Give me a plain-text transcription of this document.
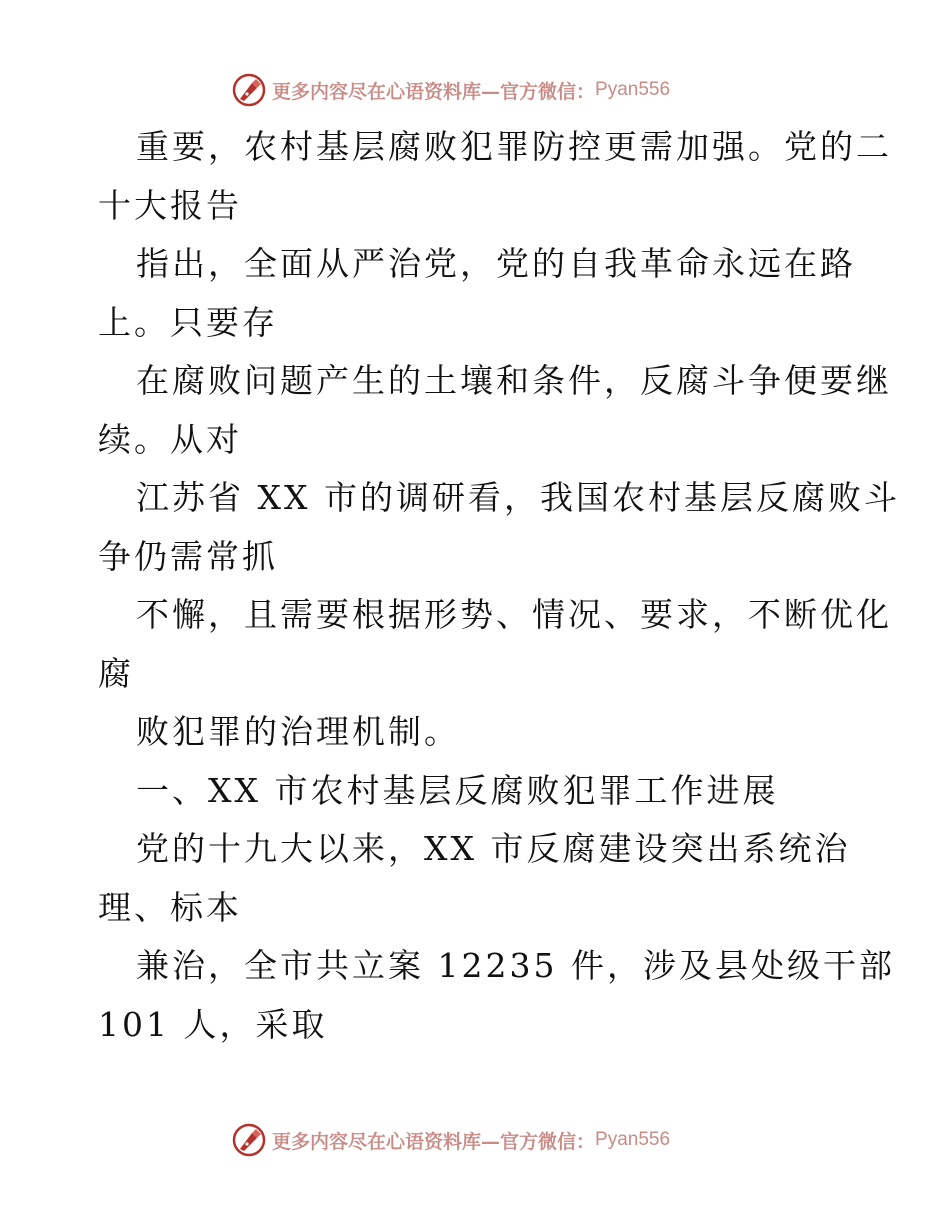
更多内容尽在心语资料库—官方微信： Pyan556
重要，农村基层腐败犯罪防控更需加强。党的二
十大报告
指出，全面从严治党，党的自我革命永远在路
上。只要存
在腐败问题产生的土壤和条件，反腐斗争便要继
续。从对
江苏省 XX 市的调研看，我国农村基层反腐败斗
争仍需常抓
不懈，且需要根据形势、情况、要求，不断优化
腐
败犯罪的治理机制。
一、XX 市农村基层反腐败犯罪工作进展
党的十九大以来，XX 市反腐建设突出系统治
理、标本
兼治，全市共立案 12235 件，涉及县处级干部
101 人，采取
更多内容尽在心语资料库—官方微信： Pyan556
